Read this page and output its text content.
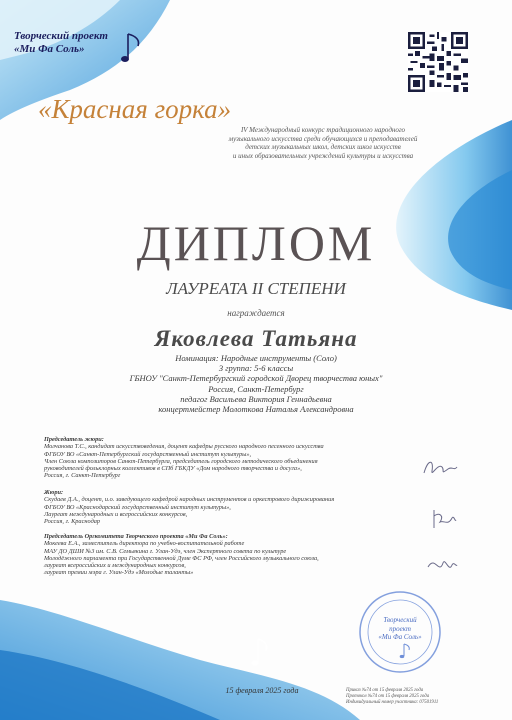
Творческий проект
«Ми Фа Соль»
«Красная горка»
IV Международный конкурс традиционного народного
музыкального искусства среди обучающихся и преподавателей
детских музыкальных школ, детских школ искусств
и иных образовательных учреждений культуры и искусства
ДИПЛОМ
ЛАУРЕАТА II СТЕПЕНИ
награждается
Яковлева Татьяна
Номинация: Народные инструменты (Соло)
3 группа: 5-6 классы
ГБНОУ "Санкт-Петербургский городской Дворец творчества юных"
Россия, Санкт-Петербург
педагог Васильева Виктория Геннадьевна
концертмейстер Молоткова Наталья Александровна
Председатель жюри:
Молчанова Т.С., кандидат искусствоведения, доцент кафедры русского народного песенного искусства
ФГБОУ ВО «Санкт-Петербургский государственный институт культуры»,
Член Союза композиторов Санкт-Петербурга, председатель городского методического объединения
руководителей фольклорных коллективов в СПб ГБКДУ «Дом народного творчества и досуга»,
Россия, г. Санкт-Петербург
Жюри:
Скудаев Д.А., доцент, и.о. заведующего кафедрой народных инструментов и оркестрового дирижирования
ФГБОУ ВО «Краснодарский государственный институт культуры»,
Лауреат международных и всероссийских конкурсов,
Россия, г. Краснодар
Председатель Оргкомитета Творческого проекта «Ми Фа Соль»:
Мокеева Е.А., заместитель директора по учебно-воспитательной работе
МАУ ДО ДШИ №3 им. С.В. Семьякина г. Улан-Удэ, член Экспертного совета по культуре
Молодёжного парламента при Государственной Думе ФС РФ, член Российского музыкального союза,
лауреат всероссийских и международных конкурсов,
лауреат премии мэра г. Улан-Удэ «Молодые таланты»
Творческий
проект
«Ми Фа Соль»
15 февраля 2025 года	Приказ №74 от 15 февраля 2025 года
Протокол №74 от 15 февраля 2025 года
Индивидуальный номер участника: 07501911
